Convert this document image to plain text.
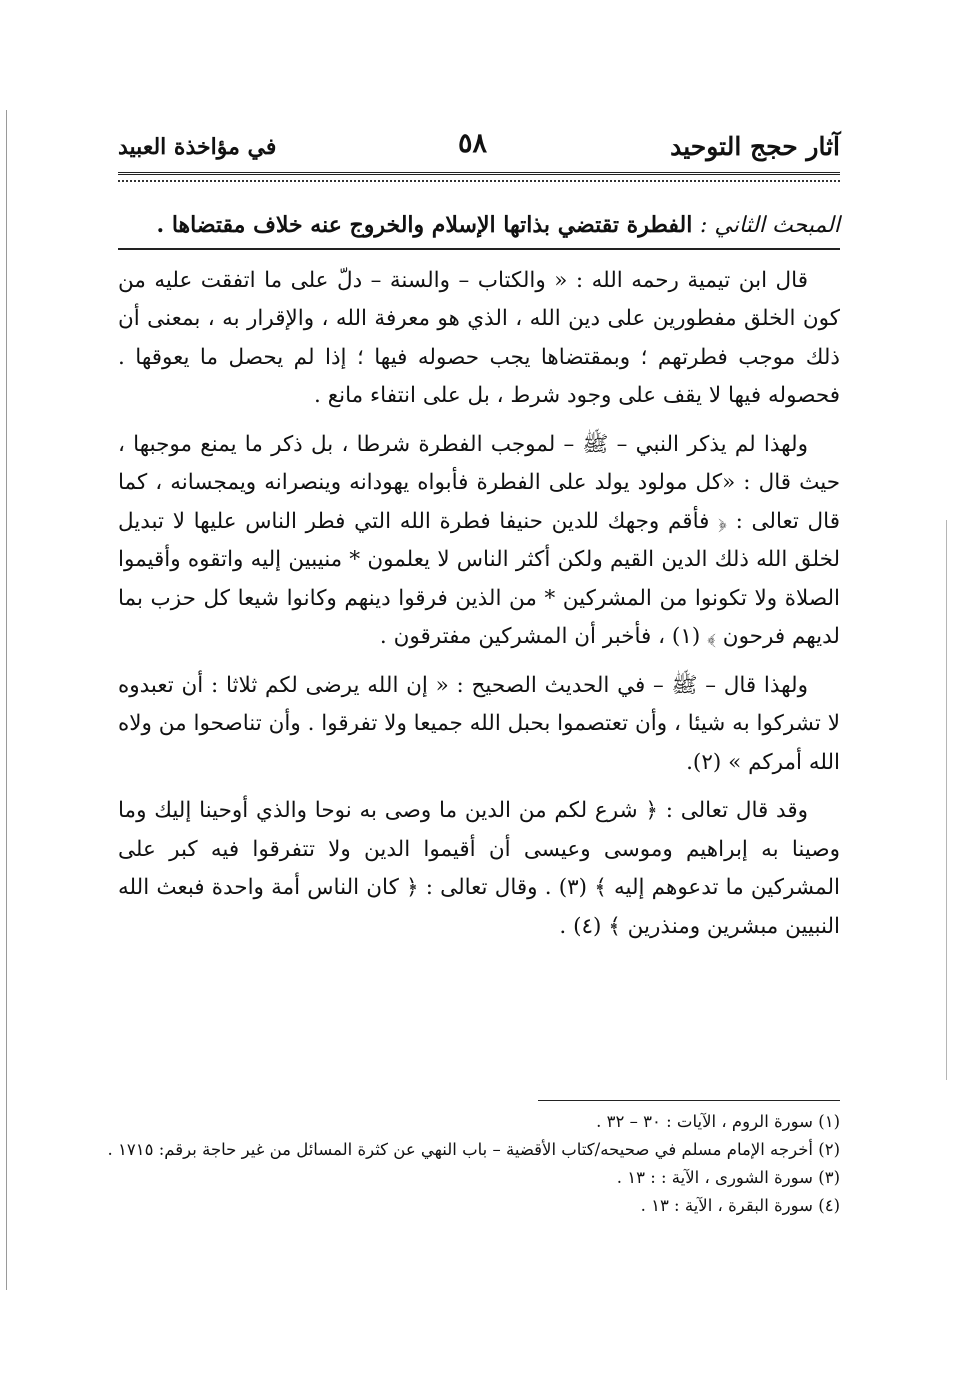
آثار حجج التوحيد
٥٨
في مؤاخذة العبيد
المبحث الثاني : الفطرة تقتضي بذاتها الإسلام والخروج عنه خلاف مقتضاها .

قال ابن تيمية رحمه الله : « والكتاب – والسنة – دلّ على ما اتفقت عليه من كون الخلق مفطورين على دين الله ، الذي هو معرفة الله ، والإقرار به ، بمعنى أن ذلك موجب فطرتهم ؛ وبمقتضاها يجب حصوله فيها ؛ إذا لم يحصل ما يعوقها . فحصوله فيها لا يقف على وجود شرط ، بل على انتفاء مانع .

ولهذا لم يذكر النبي – ﷺ – لموجب الفطرة شرطا ، بل ذكر ما يمنع موجبها ، حيث قال : «كل مولود يولد على الفطرة فأبواه يهودانه وينصرانه ويمجسانه ، كما قال تعالى : ﴿ فأقم وجهك للدين حنيفا فطرة الله التي فطر الناس عليها لا تبديل لخلق الله ذلك الدين القيم ولكن أكثر الناس لا يعلمون * منيبين إليه واتقوه وأقيموا الصلاة ولا تكونوا من المشركين * من الذين فرقوا دينهم وكانوا شيعا كل حزب بما لديهم فرحون ﴾ (١) ، فأخبر أن المشركين مفترقون .

ولهذا قال – ﷺ – في الحديث الصحيح : « إن الله يرضى لكم ثلاثا : أن تعبدوه لا تشركوا به شيئا ، وأن تعتصموا بحبل الله جميعا ولا تفرقوا . وأن تناصحوا من ولاه الله أمركم » (٢).

وقد قال تعالى : ﴿ شرع لكم من الدين ما وصى به نوحا والذي أوحينا إليك وما وصينا به إبراهيم وموسى وعيسى أن أقيموا الدين ولا تتفرقوا فيه كبر على المشركين ما تدعوهم إليه ﴾ (٣) . وقال تعالى : ﴿ كان الناس أمة واحدة فبعث الله النبيين مبشرين ومنذرين ﴾ (٤) .

(١) سورة الروم ، الآيات : ٣٠ – ٣٢ .
(٢) أخرجه الإمام مسلم في صحيحه/كتاب الأقضية – باب النهي عن كثرة المسائل من غير حاجة برقم: ١٧١٥ .
(٣) سورة الشورى ، الآية : : ١٣ .
(٤) سورة البقرة ، الآية : ١٣ .
